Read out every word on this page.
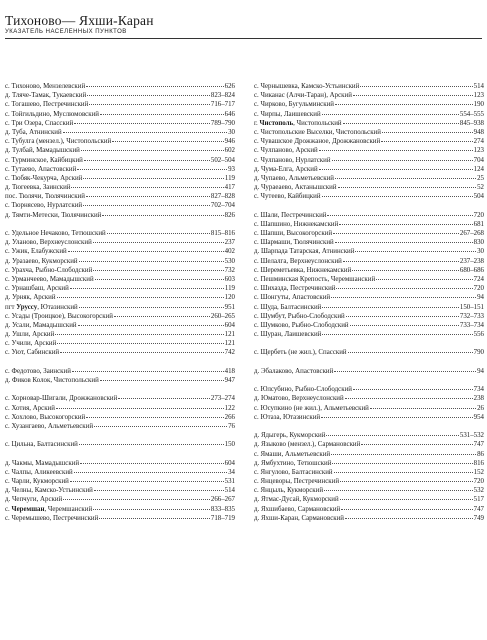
Тихоново— Яхши-Каран
УКАЗАТЕЛЬ НАСЕЛЕННЫХ ПУНКТОВ
с. Тихоново, Мензелевский	626
д. Тляче-Тамак, Тукаевский	823–824
с. Тогашево, Пестречинский	716–717
с. Тойгильдино, Муслюмовский	646
с. Три Озера, Спасский	789–790
д. Туба, Атнинский	30
с. Тубулга (мензел.), Чистопольский	946
д. Тулбай, Мамадышский	602
с. Турминское, Кайбицкий	502–504
с. Тутаево, Апастовский	93
с. Тюбяк-Чекурча, Арский	119
д. Тюгеевка, Заинский	417
пос. Тюлячи, Тюлячинский	827–828
с. Тюрнясево, Нурлатский	702–704
д. Тямти-Метески, Тюлячинский	826
с. Удельное Нечаково, Тетюшский	815–816
д. Уланово, Верхнеуслонский	237
с. Ужик, Елабужский	402
д. Уразаево, Кукморский	530
с. Урахча, Рыбно-Слободский	732
с. Урманчеево, Мамадышский	603
с. Урнашбаш, Арский	119
д. Урняк, Арский	120
пгт Уруссу, Ютазинский	951
с. Усады (Троицкое), Высокогорский	260–265
д. Усали, Мамадышский	604
д. Ушли, Арский	121
с. Учили, Арский	121
с. Уют, Сабинский	742
с. Федотово, Заинский	418
д. Фиков Колок, Чистопольский	947
с. Хорновар-Шигали, Дрожжановский	273–274
с. Хотия, Арский	122
с. Хохлово, Высокогорский	266
с. Хузангаево, Альметьевский	76
с. Цильна, Балтасинский	150
д. Чакмы, Мамадышский	604
с. Чалпы, Аликеевский	34
с. Чарли, Кукморский	531
д. Челны, Камско-Устьинский	514
д. Чепчуги, Арский	266–267
с. Черемшан, Черемшанский	833–835
с. Черемышево, Пестречинский	718–719
с. Чернышевка, Камско-Устьинский	514
с. Чиканас (Алчи-Таран), Арский	123
с. Чирково, Бугульминский	190
с. Чирпы, Лаишевский	554–555
г. Чистополь, Чистопольский	845–938
с. Чистопольские Выселки, Чистопольский	948
с. Чувашское Дрожжаное, Дрожжановский	274
с. Чулпаново, Арский	123
с. Чулпаново, Нурлатский	704
д. Чума-Елга, Арский	124
д. Чупаево, Альметьевский	25
д. Чураеаево, Актанышский	52
с. Чутеево, Кайбицкий	504
с. Шали, Пестречинский	720
с. Шапшино, Нижнекамский	681
с. Шапши, Высокогорский	267–268
с. Шармаши, Тюлячинский	830
д. Шарпада Татарская, Атнинский	30
с. Шелалга, Верхнеуслонский	237–238
с. Шереметьевка, Нижнекамский	680–686
с. Пешминская Крепость, Черемшанский	724
с. Шихазда, Пестречинский	720
с. Шонгуты, Апастовский	94
с. Шуда, Балтасинский	150–151
с. Шумбут, Рыбно-Слободский	732–733
с. Шумково, Рыбно-Слободский	733–734
с. Шуран, Лаишевский	556
с. Щербеть (не жил.), Спасский	790
д. Эбалаково, Апастовский	94
с. Юлсубино, Рыбно-Слободский	734
д. Юматово, Верхнеуслонский	238
с. Юсупкино (не жил.), Альметьевский	26
с. Ютаза, Ютазинский	954
д. Ядыгерь, Кукморский	531–532
д. Языково (мензел.), Сармановский	747
с. Ямаши, Альметьевский	86
д. Ямбухтино, Тетюшский	816
с. Янгулово, Балтасинский	152
с. Янцеворы, Пестречинский	720
с. Янцыль, Кукморский	532
д. Ятмас-Дусай, Кукморский	517
д. Яхшибаево, Сармановский	747
д. Яхши-Каран, Сармановский	749
